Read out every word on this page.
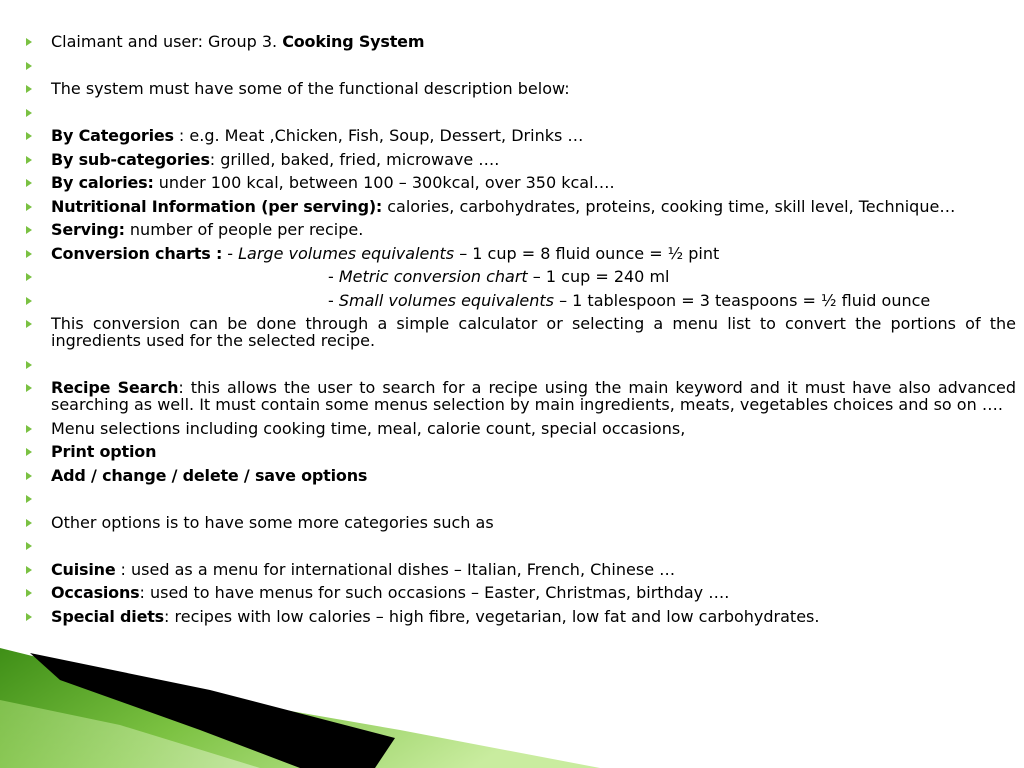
Claimant and user: Group 3. Cooking System
The system must have some of the functional description below:
By Categories : e.g. Meat ,Chicken, Fish, Soup, Dessert, Drinks …
By sub-categories: grilled, baked, fried, microwave ….
By calories: under 100 kcal, between 100 – 300kcal, over 350 kcal….
Nutritional Information (per serving): calories, carbohydrates, proteins, cooking time, skill level, Technique…
Serving: number of people per recipe.
Conversion charts : - Large volumes equivalents – 1 cup = 8 fluid ounce = ½ pint
- Metric conversion chart – 1 cup = 240 ml
- Small volumes equivalents – 1 tablespoon = 3 teaspoons = ½ fluid ounce
This conversion can be done through a simple calculator or selecting a menu list to convert the portions of the ingredients used for the selected recipe.
Recipe Search: this allows the user to search for a recipe using the main keyword and it must have also advanced searching as well. It must contain some menus selection by main ingredients, meats, vegetables choices and so on ….
Menu selections including cooking time, meal, calorie count, special occasions,
Print option
Add / change / delete / save options
Other options is to have some more categories such as
Cuisine : used as a menu for international dishes – Italian, French, Chinese …
Occasions: used to have menus for such occasions – Easter, Christmas, birthday ….
Special diets: recipes with low calories – high fibre, vegetarian, low fat and low carbohydrates.
